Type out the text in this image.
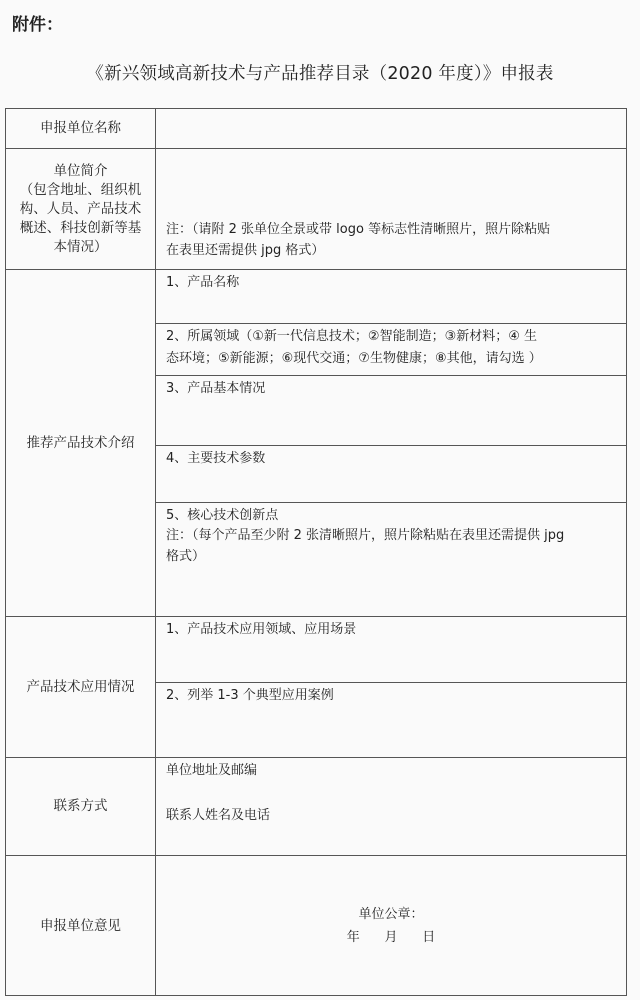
附件：
《新兴领域高新技术与产品推荐目录（2020 年度）》申报表
申报单位名称
单位简介
（包含地址、组织机
构、人员、产品技术
概述、科技创新等基
本情况）
注：（请附 2 张单位全景或带 logo 等标志性清晰照片，照片除粘贴
在表里还需提供 jpg 格式）
推荐产品技术介绍
1、产品名称
2、所属领域（①新一代信息技术；②智能制造；③新材料；④ 生
态环境；⑤新能源；⑥现代交通；⑦生物健康；⑧其他，请勾选 ）
3、产品基本情况
4、主要技术参数
5、核心技术创新点
注：（每个产品至少附 2 张清晰照片，照片除粘贴在表里还需提供 jpg
格式）
产品技术应用情况
1、产品技术应用领域、应用场景
2、列举 1-3 个典型应用案例
联系方式
单位地址及邮编
联系人姓名及电话
申报单位意见
单位公章：
年      月      日
